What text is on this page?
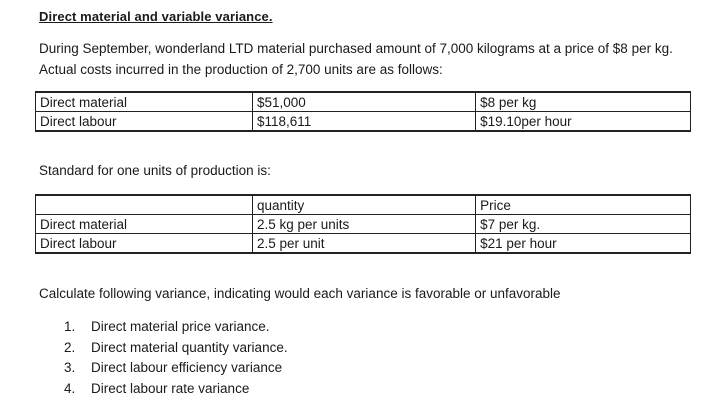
Direct material and variable variance.
During September, wonderland LTD material purchased amount of 7,000 kilograms at a price of $8 per kg. Actual costs incurred in the production of 2,700 units are as follows:
Direct material	$51,000	$8 per kg
Direct labour	$118,611	$19.10per hour
Standard for one units of production is:
	quantity	Price
Direct material	2.5 kg per units	$7 per kg.
Direct labour	2.5 per unit	$21 per hour
Calculate following variance, indicating would each variance is favorable or unfavorable
1. Direct material price variance.
2. Direct material quantity variance.
3. Direct labour efficiency variance
4. Direct labour rate variance
